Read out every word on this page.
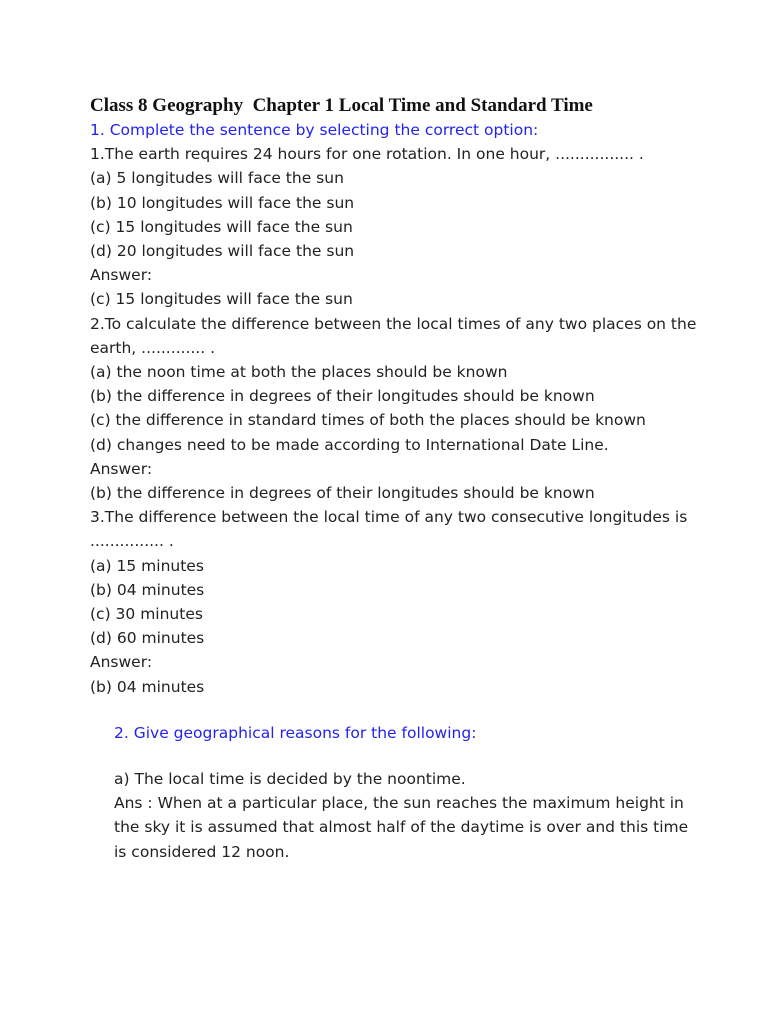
Class 8 Geography  Chapter 1 Local Time and Standard Time
1. Complete the sentence by selecting the correct option:
1.The earth requires 24 hours for one rotation. In one hour, ................ .
(a) 5 longitudes will face the sun
(b) 10 longitudes will face the sun
(c) 15 longitudes will face the sun
(d) 20 longitudes will face the sun
Answer:
(c) 15 longitudes will face the sun
2.To calculate the difference between the local times of any two places on the earth, ............. .
(a) the noon time at both the places should be known
(b) the difference in degrees of their longitudes should be known
(c) the difference in standard times of both the places should be known
(d) changes need to be made according to International Date Line.
Answer:
(b) the difference in degrees of their longitudes should be known
3.The difference between the local time of any two consecutive longitudes is ............... .
(a) 15 minutes
(b) 04 minutes
(c) 30 minutes
(d) 60 minutes
Answer:
(b) 04 minutes
2. Give geographical reasons for the following:
a) The local time is decided by the noontime.
Ans : When at a particular place, the sun reaches the maximum height in the sky it is assumed that almost half of the daytime is over and this time is considered 12 noon.
